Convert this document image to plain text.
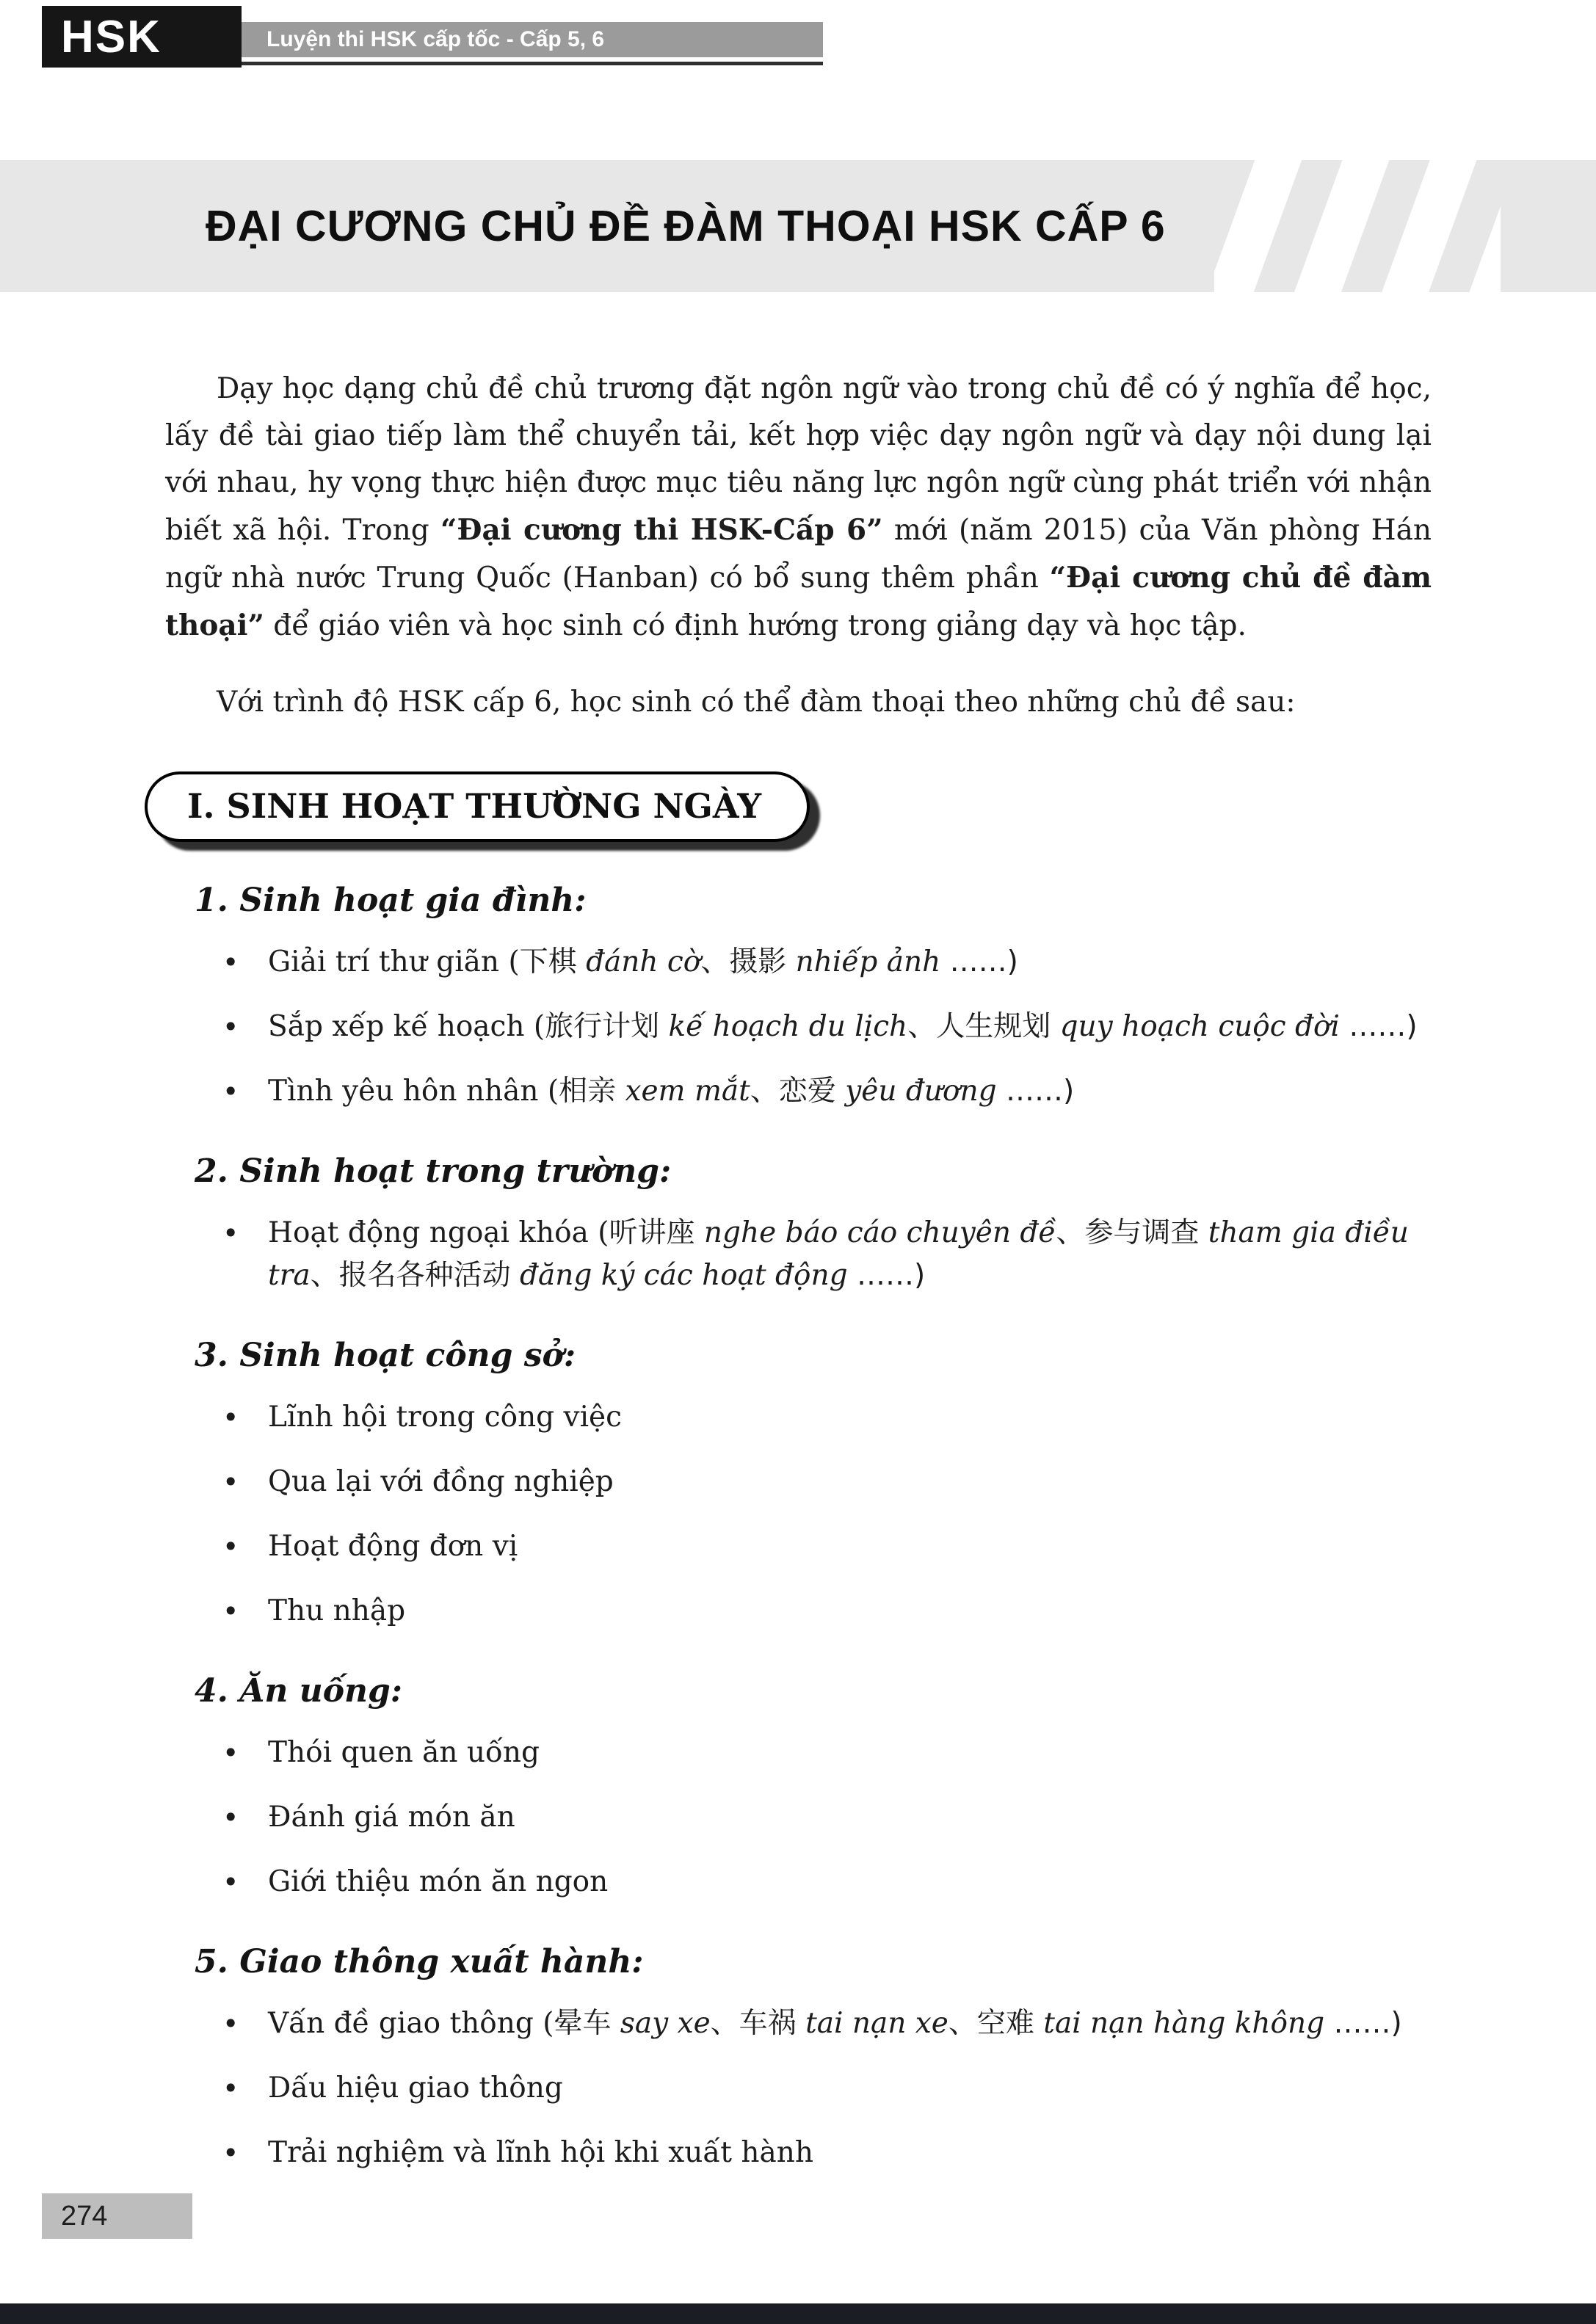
HSK	Luyện thi HSK cấp tốc - Cấp 5, 6
ĐẠI CƯƠNG CHỦ ĐỀ ĐÀM THOẠI HSK CẤP 6

Dạy học dạng chủ đề chủ trương đặt ngôn ngữ vào trong chủ đề có ý nghĩa để học, lấy đề tài giao tiếp làm thể chuyển tải, kết hợp việc dạy ngôn ngữ và dạy nội dung lại với nhau, hy vọng thực hiện được mục tiêu năng lực ngôn ngữ cùng phát triển với nhận biết xã hội. Trong “Đại cương thi HSK-Cấp 6” mới (năm 2015) của Văn phòng Hán ngữ nhà nước Trung Quốc (Hanban) có bổ sung thêm phần “Đại cương chủ đề đàm thoại” để giáo viên và học sinh có định hướng trong giảng dạy và học tập.

Với trình độ HSK cấp 6, học sinh có thể đàm thoại theo những chủ đề sau:

I. SINH HOẠT THƯỜNG NGÀY
1. Sinh hoạt gia đình:
•	Giải trí thư giãn (下棋 đánh cờ、摄影 nhiếp ảnh ……)
•	Sắp xếp kế hoạch (旅行计划 kế hoạch du lịch、人生规划 quy hoạch cuộc đời ……)
•	Tình yêu hôn nhân (相亲 xem mắt、恋爱 yêu đương ……)
2. Sinh hoạt trong trường:
•	Hoạt động ngoại khóa (听讲座 nghe báo cáo chuyên đề、参与调查 tham gia điều tra、报名各种活动 đăng ký các hoạt động ……)
3. Sinh hoạt công sở:
•	Lĩnh hội trong công việc
•	Qua lại với đồng nghiệp
•	Hoạt động đơn vị
•	Thu nhập
4. Ăn uống:
•	Thói quen ăn uống
•	Đánh giá món ăn
•	Giới thiệu món ăn ngon
5. Giao thông xuất hành:
•	Vấn đề giao thông (晕车 say xe、车祸 tai nạn xe、空难 tai nạn hàng không ……)
•	Dấu hiệu giao thông
•	Trải nghiệm và lĩnh hội khi xuất hành
274
